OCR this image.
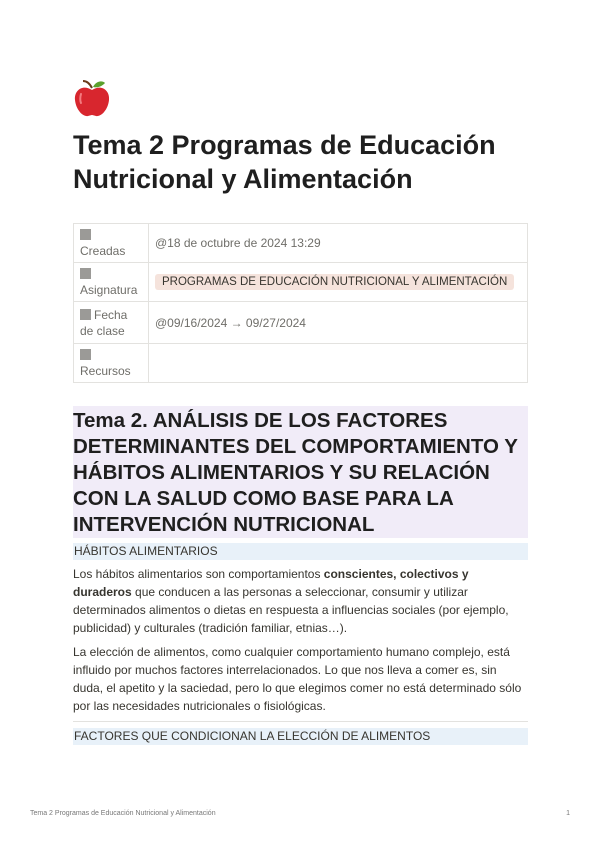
Tema 2 Programas de Educación Nutricional y Alimentación

Creadas	@18 de octubre de 2024 13:29

Asignatura	PROGRAMAS DE EDUCACIÓN NUTRICIONAL Y ALIMENTACIÓN
Fecha de clase	@09/16/2024 → 09/27/2024

Recursos	
Tema 2. ANÁLISIS DE LOS FACTORES DETERMINANTES DEL COMPORTAMIENTO Y HÁBITOS ALIMENTARIOS Y SU RELACIÓN CON LA SALUD COMO BASE PARA LA INTERVENCIÓN NUTRICIONAL
HÁBITOS ALIMENTARIOS

Los hábitos alimentarios son comportamientos conscientes, colectivos y duraderos que conducen a las personas a seleccionar, consumir y utilizar determinados alimentos o dietas en respuesta a influencias sociales (por ejemplo, publicidad) y culturales (tradición familiar, etnias…).

La elección de alimentos, como cualquier comportamiento humano complejo, está influido por muchos factores interrelacionados. Lo que nos lleva a comer es, sin duda, el apetito y la saciedad, pero lo que elegimos comer no está determinado sólo por las necesidades nutricionales o fisiológicas.

FACTORES QUE CONDICIONAN LA ELECCIÓN DE ALIMENTOS
Tema 2 Programas de Educación Nutricional y Alimentación	1
